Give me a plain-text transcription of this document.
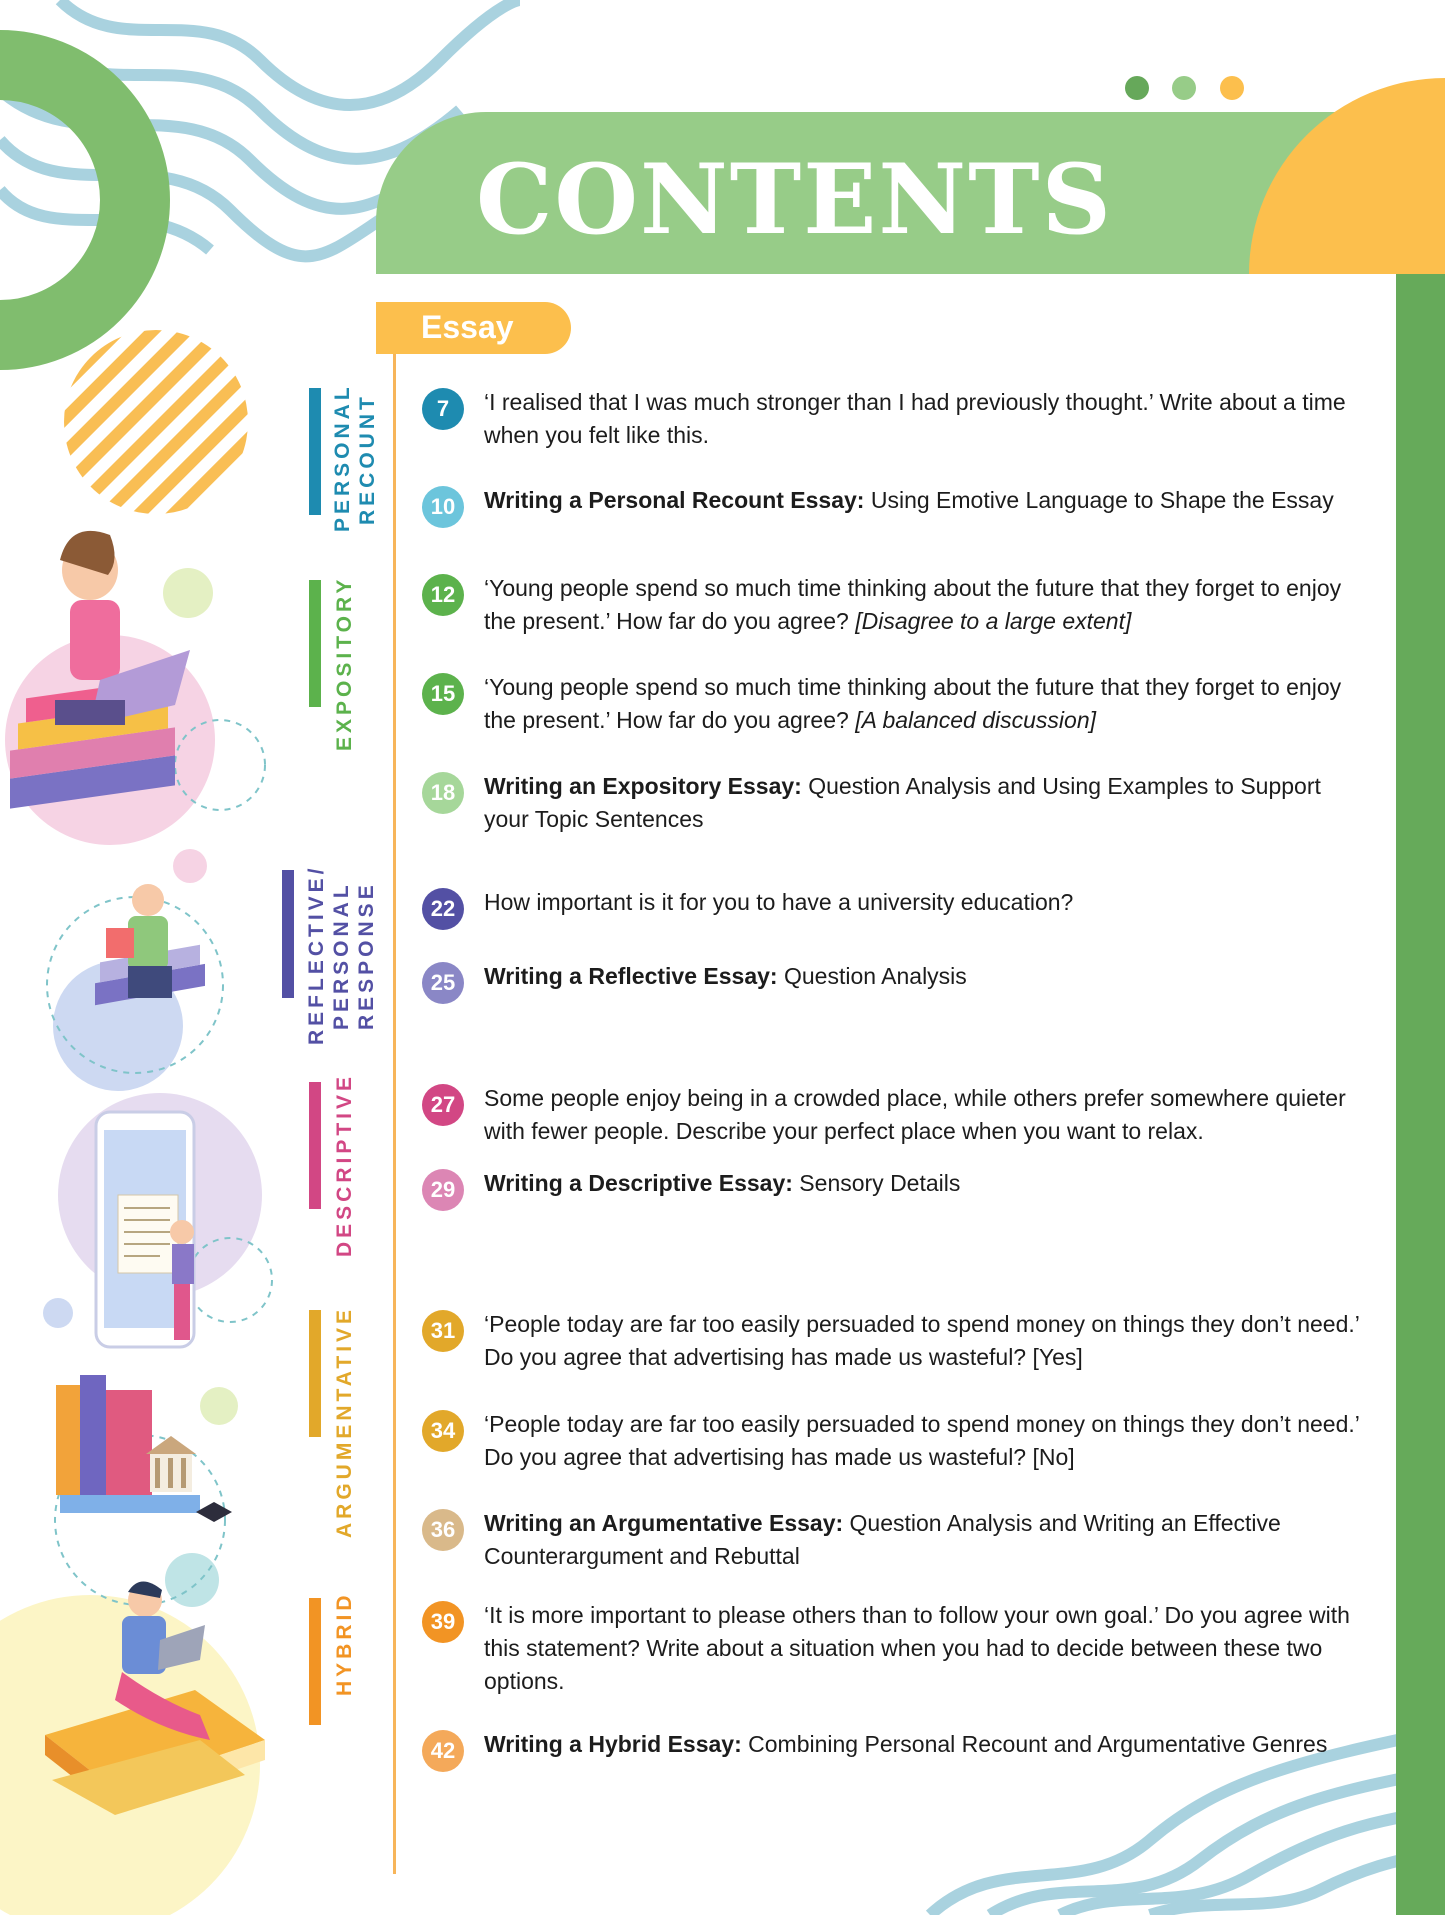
CONTENTS
Essay
PERSONAL RECOUNT
EXPOSITORY
REFLECTIVE/ PERSONAL RESPONSE
DESCRIPTIVE
ARGUMENTATIVE
HYBRID
7	‘I realised that I was much stronger than I had previously thought.’ Write about a time when you felt like this.
10	Writing a Personal Recount Essay: Using Emotive Language to Shape the Essay
12	‘Young people spend so much time thinking about the future that they forget to enjoy the present.’ How far do you agree? [Disagree to a large extent]
15	‘Young people spend so much time thinking about the future that they forget to enjoy the present.’ How far do you agree? [A balanced discussion]
18	Writing an Expository Essay: Question Analysis and Using Examples to Support your Topic Sentences
22	How important is it for you to have a university education?
25	Writing a Reflective Essay: Question Analysis
27	Some people enjoy being in a crowded place, while others prefer somewhere quieter with fewer people. Describe your perfect place when you want to relax.
29	Writing a Descriptive Essay: Sensory Details
31	‘People today are far too easily persuaded to spend money on things they don’t need.’ Do you agree that advertising has made us wasteful? [Yes]
34	‘People today are far too easily persuaded to spend money on things they don’t need.’ Do you agree that advertising has made us wasteful? [No]
36	Writing an Argumentative Essay: Question Analysis and Writing an Effective Counterargument and Rebuttal
39	‘It is more important to please others than to follow your own goal.’ Do you agree with this statement? Write about a situation when you had to decide between these two options.
42	Writing a Hybrid Essay: Combining Personal Recount and Argumentative Genres
